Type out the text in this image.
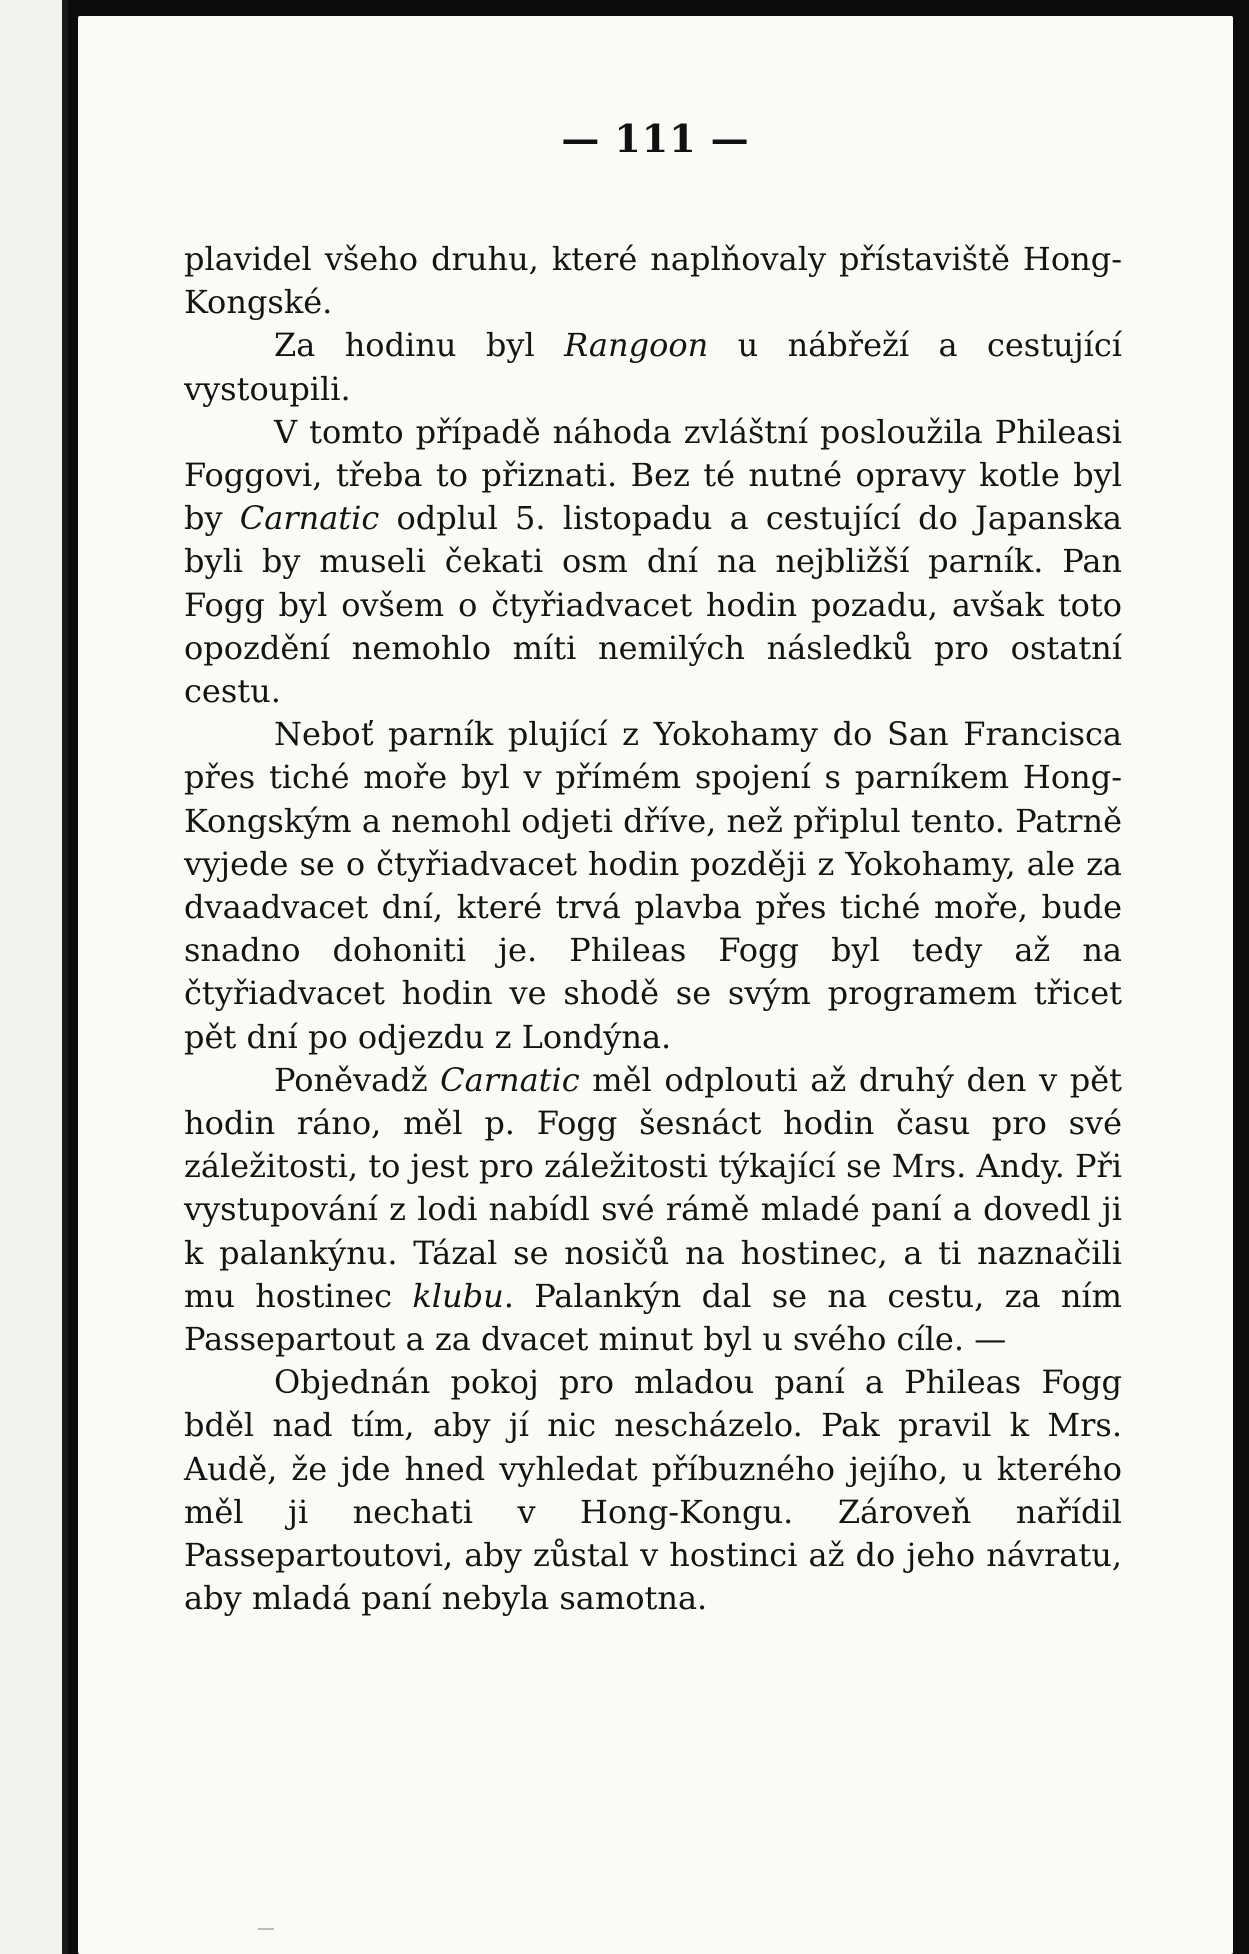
— 111 —

plavidel všeho druhu, které naplňovaly přístaviště Hong-Kongské.

Za hodinu byl Rangoon u nábřeží a cestující vystoupili.

V tomto případě náhoda zvláštní posloužila Phileasi Foggovi, třeba to přiznati. Bez té nutné opravy kotle byl by Carnatic odplul 5. listopadu a cestující do Japanska byli by museli čekati osm dní na nejbližší parník. Pan Fogg byl ovšem o čtyřiadvacet hodin pozadu, avšak toto opozdění nemohlo míti nemilých následků pro ostatní cestu.

Neboť parník plující z Yokohamy do San Francisca přes tiché moře byl v přímém spojení s parníkem Hong-Kongským a nemohl odjeti dříve, než připlul tento. Patrně vyjede se o čtyřiadvacet hodin později z Yokohamy, ale za dvaadvacet dní, které trvá plavba přes tiché moře, bude snadno dohoniti je. Phileas Fogg byl tedy až na čtyřiadvacet hodin ve shodě se svým programem třicet pět dní po odjezdu z Londýna.

Poněvadž Carnatic měl odplouti až druhý den v pět hodin ráno, měl p. Fogg šesnáct hodin času pro své záležitosti, to jest pro záležitosti týkající se Mrs. Andy. Při vystupování z lodi nabídl své rámě mladé paní a dovedl ji k palankýnu. Tázal se nosičů na hostinec, a ti naznačili mu hostinec klubu. Palankýn dal se na cestu, za ním Passepartout a za dvacet minut byl u svého cíle. —

Objednán pokoj pro mladou paní a Phileas Fogg bděl nad tím, aby jí nic nescházelo. Pak pravil k Mrs. Audě, že jde hned vyhledat příbuzného jejího, u kterého měl ji nechati v Hong-Kongu. Zároveň nařídil Passepartoutovi, aby zůstal v hostinci až do jeho návratu, aby mladá paní nebyla samotna.
